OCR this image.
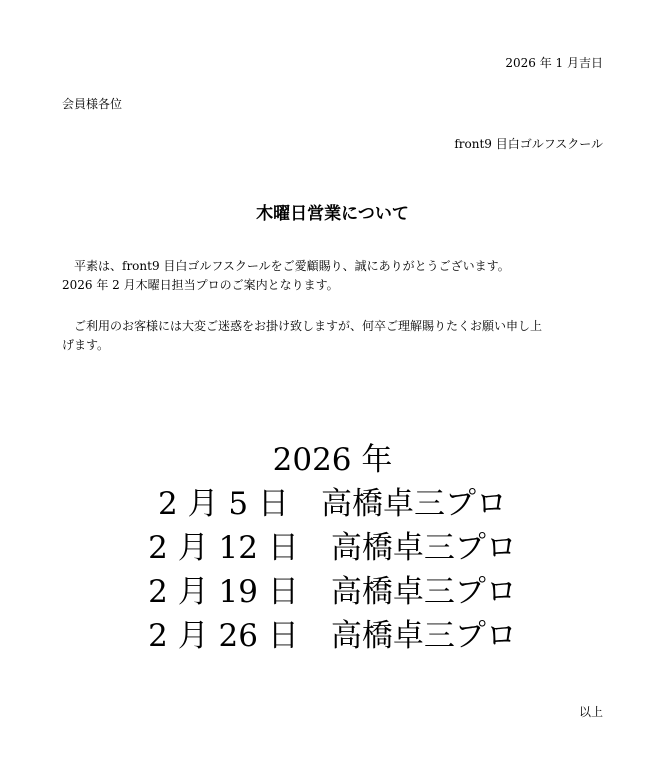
2026 年 1 月吉日
会員様各位
front9 目白ゴルフスクール
木曜日営業について

平素は、front9 目白ゴルフスクールをご愛顧賜り、誠にありがとうございます。
2026 年 2 月木曜日担当プロのご案内となります。

ご利用のお客様には大変ご迷惑をお掛け致しますが、何卒ご理解賜りたくお願い申し上
げます。

2026 年
2 月 5 日 高橋卓三プロ
2 月 12 日 高橋卓三プロ
2 月 19 日 高橋卓三プロ
2 月 26 日 高橋卓三プロ
以上
